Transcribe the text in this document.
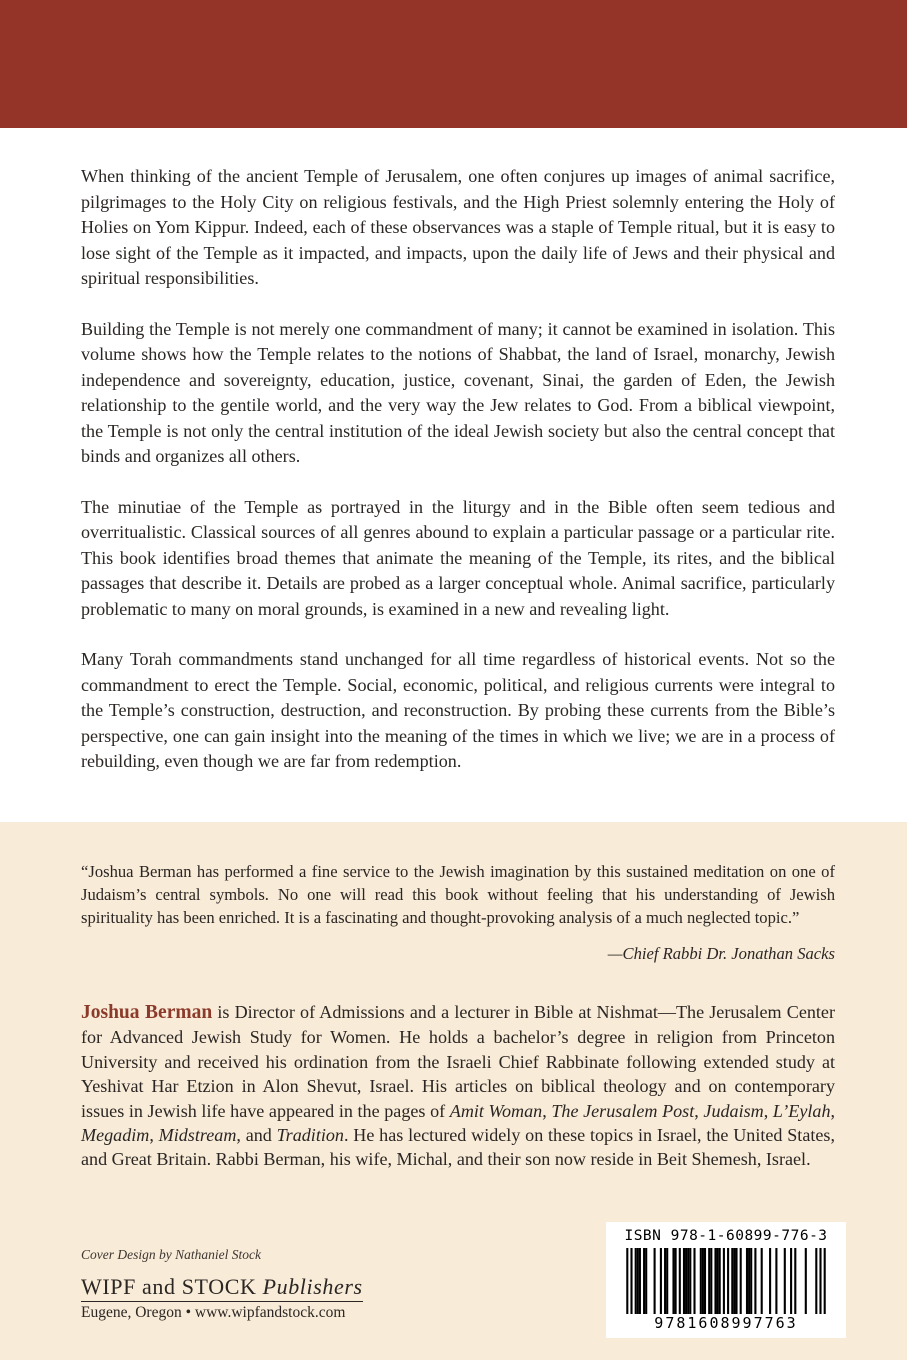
When thinking of the ancient Temple of Jerusalem, one often conjures up images of animal sacrifice, pilgrimages to the Holy City on religious festivals, and the High Priest solemnly entering the Holy of Holies on Yom Kippur. Indeed, each of these observances was a staple of Temple ritual, but it is easy to lose sight of the Temple as it impacted, and impacts, upon the daily life of Jews and their physical and spiritual responsibilities.

Building the Temple is not merely one commandment of many; it cannot be examined in isolation. This volume shows how the Temple relates to the notions of Shabbat, the land of Israel, monarchy, Jewish independence and sovereignty, education, justice, covenant, Sinai, the garden of Eden, the Jewish relationship to the gentile world, and the very way the Jew relates to God. From a biblical viewpoint, the Temple is not only the central institution of the ideal Jewish society but also the central concept that binds and organizes all others.

The minutiae of the Temple as portrayed in the liturgy and in the Bible often seem tedious and overritualistic. Classical sources of all genres abound to explain a particular passage or a particular rite. This book identifies broad themes that animate the meaning of the Temple, its rites, and the biblical passages that describe it. Details are probed as a larger conceptual whole. Animal sacrifice, particularly problematic to many on moral grounds, is examined in a new and revealing light.

Many Torah commandments stand unchanged for all time regardless of historical events. Not so the commandment to erect the Temple. Social, economic, political, and religious currents were integral to the Temple’s construction, destruction, and reconstruction. By probing these currents from the Bible’s perspective, one can gain insight into the meaning of the times in which we live; we are in a process of rebuilding, even though we are far from redemption.

“Joshua Berman has performed a fine service to the Jewish imagination by this sustained meditation on one of Judaism’s central symbols. No one will read this book without feeling that his understanding of Jewish spirituality has been enriched. It is a fascinating and thought-provoking analysis of a much neglected topic.”

—Chief Rabbi Dr. Jonathan Sacks

Joshua Berman is Director of Admissions and a lecturer in Bible at Nishmat—The Jerusalem Center for Advanced Jewish Study for Women. He holds a bachelor’s degree in religion from Princeton University and received his ordination from the Israeli Chief Rabbinate following extended study at Yeshivat Har Etzion in Alon Shevut, Israel. His articles on biblical theology and on contemporary issues in Jewish life have appeared in the pages of Amit Woman, The Jerusalem Post, Judaism, L’Eylah, Megadim, Midstream, and Tradition. He has lectured widely on these topics in Israel, the United States, and Great Britain. Rabbi Berman, his wife, Michal, and their son now reside in Beit Shemesh, Israel.

Cover Design by Nathaniel Stock

WIPF and STOCK Publishers

Eugene, Oregon • www.wipfandstock.com

ISBN 978-1-60899-776-3
9781608997763
